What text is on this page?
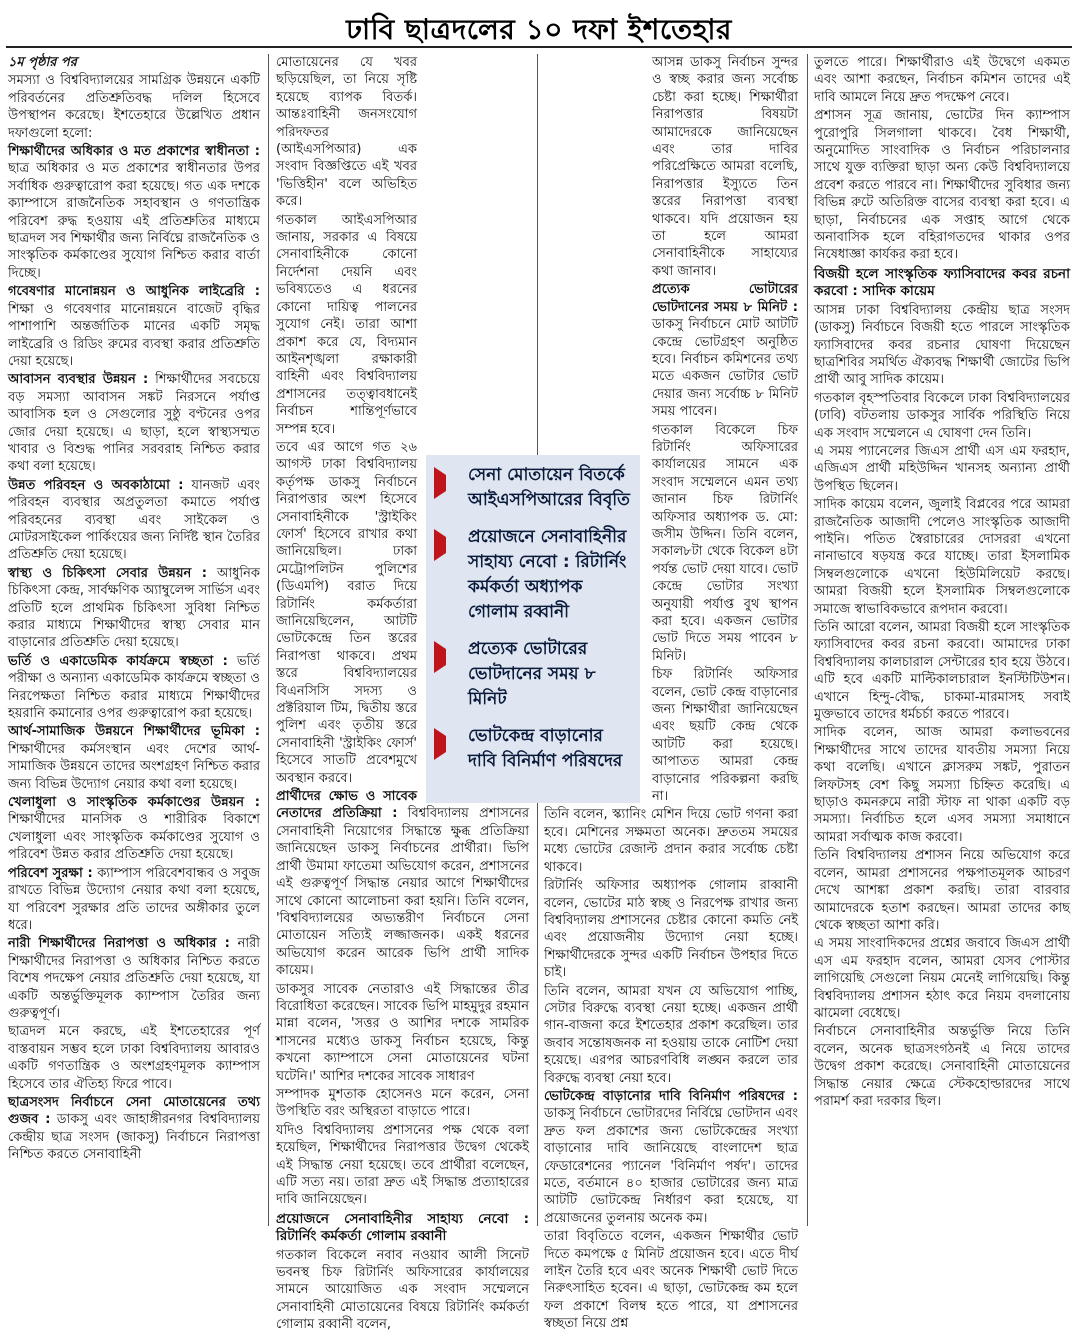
ঢাবি ছাত্রদলের ১০ দফা ইশতেহার

১ম পৃষ্ঠার পর

সমস্যা ও বিশ্ববিদ্যালয়ের সামগ্রিক উন্নয়নে একটি পরিবর্তনের প্রতিশ্রুতিবদ্ধ দলিল হিসেবে উপস্থাপন করেছে। ইশতেহারে উল্লেখিত প্রধান দফাগুলো হলো:

শিক্ষার্থীদের অধিকার ও মত প্রকাশের স্বাধীনতা : ছাত্র অধিকার ও মত প্রকাশের স্বাধীনতার উপর সর্বাধিক গুরুত্বারোপ করা হয়েছে। গত এক দশকে ক্যাম্পাসে রাজনৈতিক সহাবস্থান ও গণতান্ত্রিক পরিবেশ রুদ্ধ হওয়ায় এই প্রতিশ্রুতির মাধ্যমে ছাত্রদল সব শিক্ষার্থীর জন্য নির্বিঘ্নে রাজনৈতিক ও সাংস্কৃতিক কর্মকাণ্ডের সুযোগ নিশ্চিত করার বার্তা দিচ্ছে।

গবেষণার মানোন্নয়ন ও আধুনিক লাইব্রেরি : শিক্ষা ও গবেষণার মানোন্নয়নে বাজেট বৃদ্ধির পাশাপাশি অন্তর্জাতিক মানের একটি সমৃদ্ধ লাইব্রেরি ও রিডিং রুমের ব্যবস্থা করার প্রতিশ্রুতি দেয়া হয়েছে।

আবাসন ব্যবস্থার উন্নয়ন : শিক্ষার্থীদের সবচেয়ে বড় সমস্যা আবাসন সঙ্কট নিরসনে পর্যাপ্ত আবাসিক হল ও সেগুলোর সুষ্ঠু বণ্টনের ওপর জোর দেয়া হয়েছে। এ ছাড়া, হলে স্বাস্থ্যসম্মত খাবার ও বিশুদ্ধ পানির সরবরাহ নিশ্চিত করার কথা বলা হয়েছে।

উন্নত পরিবহন ও অবকাঠামো : যানজট এবং পরিবহন ব্যবস্থার অপ্রতুলতা কমাতে পর্যাপ্ত পরিবহনের ব্যবস্থা এবং সাইকেল ও মোটরসাইকেল পার্কিংয়ের জন্য নির্দিষ্ট স্থান তৈরির প্রতিশ্রুতি দেয়া হয়েছে।

স্বাস্থ্য ও চিকিৎসা সেবার উন্নয়ন : আধুনিক চিকিৎসা কেন্দ্র, সার্বক্ষণিক অ্যাম্বুলেন্স সার্ভিস এবং প্রতিটি হলে প্রাথমিক চিকিৎসা সুবিধা নিশ্চিত করার মাধ্যমে শিক্ষার্থীদের স্বাস্থ্য সেবার মান বাড়ানোর প্রতিশ্রুতি দেয়া হয়েছে।

ভর্তি ও একাডেমিক কার্যক্রমে স্বচ্ছতা : ভর্তি পরীক্ষা ও অন্যান্য একাডেমিক কার্যক্রমে স্বচ্ছতা ও নিরপেক্ষতা নিশ্চিত করার মাধ্যমে শিক্ষার্থীদের হয়রানি কমানোর ওপর গুরুত্বারোপ করা হয়েছে।

আর্থ-সামাজিক উন্নয়নে শিক্ষার্থীদের ভূমিকা : শিক্ষার্থীদের কর্মসংস্থান এবং দেশের আর্থ-সামাজিক উন্নয়নে তাদের অংশগ্রহণ নিশ্চিত করার জন্য বিভিন্ন উদ্যোগ নেয়ার কথা বলা হয়েছে।

খেলাধুলা ও সাংস্কৃতিক কর্মকাণ্ডের উন্নয়ন : শিক্ষার্থীদের মানসিক ও শারীরিক বিকাশে খেলাধুলা এবং সাংস্কৃতিক কর্মকাণ্ডের সুযোগ ও পরিবেশ উন্নত করার প্রতিশ্রুতি দেয়া হয়েছে।

পরিবেশ সুরক্ষা : ক্যাম্পাস পরিবেশবান্ধব ও সবুজ রাখতে বিভিন্ন উদ্যোগ নেয়ার কথা বলা হয়েছে, যা পরিবেশ সুরক্ষার প্রতি তাদের অঙ্গীকার তুলে ধরে।

নারী শিক্ষার্থীদের নিরাপত্তা ও অধিকার : নারী শিক্ষার্থীদের নিরাপত্তা ও অধিকার নিশ্চিত করতে বিশেষ পদক্ষেপ নেয়ার প্রতিশ্রুতি দেয়া হয়েছে, যা একটি অন্তর্ভুক্তিমূলক ক্যাম্পাস তৈরির জন্য গুরুত্বপূর্ণ।

ছাত্রদল মনে করছে, এই ইশতেহারের পূর্ণ বাস্তবায়ন সম্ভব হলে ঢাকা বিশ্ববিদ্যালয় আবারও একটি গণতান্ত্রিক ও অংশগ্রহণমূলক ক্যাম্পাস হিসেবে তার ঐতিহ্য ফিরে পাবে।

ছাত্রসংসদ নির্বাচনে সেনা মোতায়েনের তথ্য গুজব : ডাকসু এবং জাহাঙ্গীরনগর বিশ্ববিদ্যালয় কেন্দ্রীয় ছাত্র সংসদ (জাকসু) নির্বাচনে নিরাপত্তা নিশ্চিত করতে সেনাবাহিনী

মোতায়েনের যে খবর ছড়িয়েছিল, তা নিয়ে সৃষ্টি হয়েছে ব্যাপক বিতর্ক। আন্তঃবাহিনী জনসংযোগ পরিদফতর (আইএসপিআর) এক সংবাদ বিজ্ঞপ্তিতে এই খবর 'ভিত্তিহীন' বলে অভিহিত করে।

গতকাল আইএসপিআর জানায়, সরকার এ বিষয়ে সেনাবাহিনীকে কোনো নির্দেশনা দেয়নি এবং ভবিষ্যতেও এ ধরনের কোনো দায়িত্ব পালনের সুযোগ নেই। তারা আশা প্রকাশ করে যে, বিদ্যমান আইনশৃঙ্খলা রক্ষাকারী বাহিনী এবং বিশ্ববিদ্যালয় প্রশাসনের তত্ত্বাবধানেই নির্বাচন শান্তিপূর্ণভাবে সম্পন্ন হবে।

তবে এর আগে গত ২৬ আগস্ট ঢাকা বিশ্ববিদ্যালয় কর্তৃপক্ষ ডাকসু নির্বাচনে নিরাপত্তার অংশ হিসেবে সেনাবাহিনীকে 'স্ট্রাইকিং ফোর্স' হিসেবে রাখার কথা জানিয়েছিল। ঢাকা মেট্রোপলিটন পুলিশের (ডিএমপি) বরাত দিয়ে রিটার্নিং কর্মকর্তারা জানিয়েছিলেন, আটটি ভোটকেন্দ্রে তিন স্তরের নিরাপত্তা থাকবে। প্রথম স্তরে বিশ্ববিদ্যালয়ের বিএনসিসি সদস্য ও প্রক্টরিয়াল টিম, দ্বিতীয় স্তরে পুলিশ এবং তৃতীয় স্তরে সেনাবাহিনী 'স্ট্রাইকিং ফোর্স' হিসেবে সাতটি প্রবেশমুখে অবস্থান করবে।

প্রার্থীদের ক্ষোভ ও সাবেক নেতাদের প্রতিক্রিয়া : বিশ্ববিদ্যালয় প্রশাসনের সেনাবাহিনী নিয়োগের সিদ্ধান্তে ক্ষুব্ধ প্রতিক্রিয়া জানিয়েছেন ডাকসু নির্বাচনের প্রার্থীরা। ভিপি প্রার্থী উমামা ফাতেমা অভিযোগ করেন, প্রশাসনের এই গুরুত্বপূর্ণ সিদ্ধান্ত নেয়ার আগে শিক্ষার্থীদের সাথে কোনো আলোচনা করা হয়নি। তিনি বলেন, 'বিশ্ববিদ্যালয়ের অভ্যন্তরীণ নির্বাচনে সেনা মোতায়েন সত্যিই লজ্জাজনক। একই ধরনের অভিযোগ করেন আরেক ভিপি প্রার্থী সাদিক কায়েম।

ডাকসুর সাবেক নেতারাও এই সিদ্ধান্তের তীব্র বিরোধিতা করেছেন। সাবেক ভিপি মাহমুদুর রহমান মান্না বলেন, 'সত্তর ও আশির দশকে সামরিক শাসনের মধ্যেও ডাকসু নির্বাচন হয়েছে, কিন্তু কখনো ক্যাম্পাসে সেনা মোতায়েনের ঘটনা ঘটেনি।' আশির দশকের সাবেক সাধারণ

সম্পাদক মুশতাক হোসেনও মনে করেন, সেনা উপস্থিতি বরং অস্থিরতা বাড়াতে পারে।

যদিও বিশ্ববিদ্যালয় প্রশাসনের পক্ষ থেকে বলা হয়েছিল, শিক্ষার্থীদের নিরাপত্তার উদ্বেগ থেকেই এই সিদ্ধান্ত নেয়া হয়েছে। তবে প্রার্থীরা বলেছেন, এটি সত্য নয়। তারা দ্রুত এই সিদ্ধান্ত প্রত্যাহারের দাবি জানিয়েছেন।

প্রয়োজনে সেনাবাহিনীর সাহায্য নেবো : রিটার্নিং কর্মকর্তা গোলাম রব্বানী

গতকাল বিকেলে নবাব নওয়াব আলী সিনেট ভবনস্থ চিফ রিটার্নিং অফিসারের কার্যালয়ের সামনে আয়োজিত এক সংবাদ সম্মেলনে সেনাবাহিনী মোতায়েনের বিষয়ে রিটার্নিং কর্মকর্তা গোলাম রব্বানী বলেন,

আসন্ন ডাকসু নির্বাচন সুন্দর ও স্বচ্ছ করার জন্য সর্বোচ্চ চেষ্টা করা হচ্ছে। শিক্ষার্থীরা নিরাপত্তার বিষয়টা আমাদেরকে জানিয়েছেন এবং তার দাবির পরিপ্রেক্ষিতে আমরা বলেছি, নিরাপত্তার ইস্যুতে তিন স্তরের নিরাপত্তা ব্যবস্থা থাকবে। যদি প্রয়োজন হয় তা হলে আমরা সেনাবাহিনীকে সাহায্যের কথা জানাব।

প্রত্যেক ভোটারের ভোটদানের সময় ৮ মিনিট : ডাকসু নির্বাচনে মোট আটটি কেন্দ্রে ভোটগ্রহণ অনুষ্ঠিত হবে। নির্বাচন কমিশনের তথ্য মতে একজন ভোটার ভোট দেয়ার জন্য সর্বোচ্চ ৮ মিনিট সময় পাবেন।

গতকাল বিকেলে চিফ রিটার্নিং অফিসারের কার্যালয়ের সামনে এক সংবাদ সম্মেলনে এমন তথ্য জানান চিফ রিটার্নিং অফিসার অধ্যাপক ড. মো: জসীম উদ্দিন। তিনি বলেন, সকাল৮টা থেকে বিকেল ৪টা পর্যন্ত ভোট দেয়া যাবে। ভোট কেন্দ্রে ভোটার সংখ্যা অনুযায়ী পর্যাপ্ত বুথ স্থাপন করা হবে। একজন ভোটার ভোট দিতে সময় পাবেন ৮ মিনিট।

চিফ রিটার্নিং অফিসার বলেন, ভোট কেন্দ্র বাড়ানোর জন্য শিক্ষার্থীরা জানিয়েছেন এবং ছয়টি কেন্দ্র থেকে আটটি করা হয়েছে। আপাতত আমরা কেন্দ্র বাড়ানোর পরিকল্পনা করছি না।

তিনি বলেন, স্ক্যানিং মেশিন দিয়ে ভোট গণনা করা হবে। মেশিনের সক্ষমতা অনেক। দ্রুততম সময়ের মধ্যে ভোটের রেজাল্ট প্রদান করার সর্বোচ্চ চেষ্টা থাকবে।

রিটার্নিং অফিসার অধ্যাপক গোলাম রাব্বানী বলেন, ভোটের মাঠ স্বচ্ছ ও নিরপেক্ষ রাখার জন্য বিশ্ববিদ্যালয় প্রশাসনের চেষ্টার কোনো কমতি নেই এবং প্রয়োজনীয় উদ্যোগ নেয়া হচ্ছে। শিক্ষার্থীদেরকে সুন্দর একটি নির্বাচন উপহার দিতে চাই।

তিনি বলেন, আমরা যখন যে অভিযোগ পাচ্ছি, সেটার বিরুদ্ধে ব্যবস্থা নেয়া হচ্ছে। একজন প্রার্থী গান-বাজনা করে ইশতেহার প্রকাশ করেছিল। তার জবাব সন্তোষজনক না হওয়ায় তাকে নোটিশ দেয়া হয়েছে। এরপর আচরণবিধি লঙ্ঘন করলে তার বিরুদ্ধে ব্যবস্থা নেয়া হবে।

ভোটকেন্দ্র বাড়ানোর দাবি বিনির্মাণ পরিষদের : ডাকসু নির্বাচনে ভোটারদের নির্বিঘ্নে ভোটদান এবং দ্রুত ফল প্রকাশের জন্য ভোটকেন্দ্রের সংখ্যা বাড়ানোর দাবি জানিয়েছে বাংলাদেশ ছাত্র ফেডারেশনের প্যানেল 'বিনির্মাণ পর্ষদ'। তাদের মতে, বর্তমানে ৪০ হাজার ভোটারের জন্য মাত্র আটটি ভোটকেন্দ্র নির্ধারণ করা হয়েছে, যা প্রয়োজনের তুলনায় অনেক কম।

তারা বিবৃতিতে বলেন, একজন শিক্ষার্থীর ভোট দিতে কমপক্ষে ৫ মিনিট প্রয়োজন হবে। এতে দীর্ঘ লাইন তৈরি হবে এবং অনেক শিক্ষার্থী ভোট দিতে নিরুৎসাহিত হবেন। এ ছাড়া, ভোটকেন্দ্র কম হলে ফল প্রকাশে বিলম্ব হতে পারে, যা প্রশাসনের স্বচ্ছতা নিয়ে প্রশ্ন

তুলতে পারে। শিক্ষার্থীরাও এই উদ্বেগে একমত এবং আশা করছেন, নির্বাচন কমিশন তাদের এই দাবি আমলে নিয়ে দ্রুত পদক্ষেপ নেবে।

প্রশাসন সূত্র জানায়, ভোটের দিন ক্যাম্পাস পুরোপুরি সিলগালা থাকবে। বৈধ শিক্ষার্থী, অনুমোদিত সাংবাদিক ও নির্বাচন পরিচালনার সাথে যুক্ত ব্যক্তিরা ছাড়া অন্য কেউ বিশ্ববিদ্যালয়ে প্রবেশ করতে পারবে না। শিক্ষার্থীদের সুবিধার জন্য বিভিন্ন রুটে অতিরিক্ত বাসের ব্যবস্থা করা হবে। এ ছাড়া, নির্বাচনের এক সপ্তাহ আগে থেকে অনাবাসিক হলে বহিরাগতদের থাকার ওপর নিষেধাজ্ঞা কার্যকর করা হবে।

বিজয়ী হলে সাংস্কৃতিক ফ্যাসিবাদের কবর রচনা করবো : সাদিক কায়েম

আসন্ন ঢাকা বিশ্ববিদ্যালয় কেন্দ্রীয় ছাত্র সংসদ (ডাকসু) নির্বাচনে বিজয়ী হতে পারলে সাংস্কৃতিক ফ্যাসিবাদের কবর রচনার ঘোষণা দিয়েছেন ছাত্রশিবির সমর্থিত ঐক্যবদ্ধ শিক্ষার্থী জোটের ভিপি প্রার্থী আবু সাদিক কায়েম।

গতকাল বৃহস্পতিবার বিকেলে ঢাকা বিশ্ববিদ্যালয়ের (ঢাবি) বটতলায় ডাকসুর সার্বিক পরিস্থিতি নিয়ে এক সংবাদ সম্মেলনে এ ঘোষণা দেন তিনি।

এ সময় প্যানেলের জিএস প্রার্থী এস এম ফরহাদ, এজিএস প্রার্থী মহিউদ্দিন খানসহ অন্যান্য প্রার্থী উপস্থিত ছিলেন।

সাদিক কায়েম বলেন, জুলাই বিপ্লবের পরে আমরা রাজনৈতিক আজাদী পেলেও সাংস্কৃতিক আজাদী পাইনি। পতিত স্বৈরাচারের দোসররা এখনো নানাভাবে ষড়যন্ত্র করে যাচ্ছে। তারা ইসলামিক সিম্বলগুলোকে এখনো হিউমিলিয়েট করছে। আমরা বিজয়ী হলে ইসলামিক সিম্বলগুলোকে সমাজে স্বাভাবিকভাবে রূপদান করবো।

তিনি আরো বলেন, আমরা বিজয়ী হলে সাংস্কৃতিক ফ্যাসিবাদের কবর রচনা করবো। আমাদের ঢাকা বিশ্ববিদ্যালয় কালচারাল সেন্টারের হাব হয়ে উঠবে। এটি হবে একটি মাল্টিকালচারাল ইনস্টিটিউশন। এখানে হিন্দু-বৌদ্ধ, চাকমা-মারমাসহ সবাই মুক্তভাবে তাদের ধর্মচর্চা করতে পারবে।

সাদিক বলেন, আজ আমরা কলাভবনের শিক্ষার্থীদের সাথে তাদের যাবতীয় সমস্যা নিয়ে কথা বলেছি। এখানে ক্লাসরুম সঙ্কট, পুরাতন লিফটসহ বেশ কিছু সমস্যা চিহ্নিত করেছি। এ ছাড়াও কমনরুমে নারী স্টাফ না থাকা একটি বড় সমস্যা। নির্বাচিত হলে এসব সমস্যা সমাধানে আমরা সর্বাত্মক কাজ করবো।

তিনি বিশ্ববিদ্যালয় প্রশাসন নিয়ে অভিযোগ করে বলেন, আমরা প্রশাসনের পক্ষপাতমূলক আচরণ দেখে আশঙ্কা প্রকাশ করছি। তারা বারবার আমাদেরকে হতাশ করছেন। আমরা তাদের কাছ থেকে স্বচ্ছতা আশা করি।

এ সময় সাংবাদিকদের প্রশ্নের জবাবে জিএস প্রার্থী এস এম ফরহাদ বলেন, আমরা যেসব পোস্টার লাগিয়েছি সেগুলো নিয়ম মেনেই লাগিয়েছি। কিন্তু বিশ্ববিদ্যালয় প্রশাসন হঠাৎ করে নিয়ম বদলানোয় ঝামেলা বেধেছে।

নির্বাচনে সেনাবাহিনীর অন্তর্ভুক্তি নিয়ে তিনি বলেন, অনেক ছাত্রসংগঠনই এ নিয়ে তাদের উদ্বেগ প্রকাশ করেছে। সেনাবাহিনী মোতায়েনের সিদ্ধান্ত নেয়ার ক্ষেত্রে স্টেকহোল্ডারদের সাথে পরামর্শ করা দরকার ছিল।

সেনা মোতায়েন বিতর্কে আইএসপিআরের বিবৃতি
প্রয়োজনে সেনাবাহিনীর সাহায্য নেবো : রিটার্নিং কর্মকর্তা অধ্যাপক গোলাম রব্বানী
প্রত্যেক ভোটারের ভোটদানের সময় ৮ মিনিট
ভোটকেন্দ্র বাড়ানোর দাবি বিনির্মাণ পরিষদের
